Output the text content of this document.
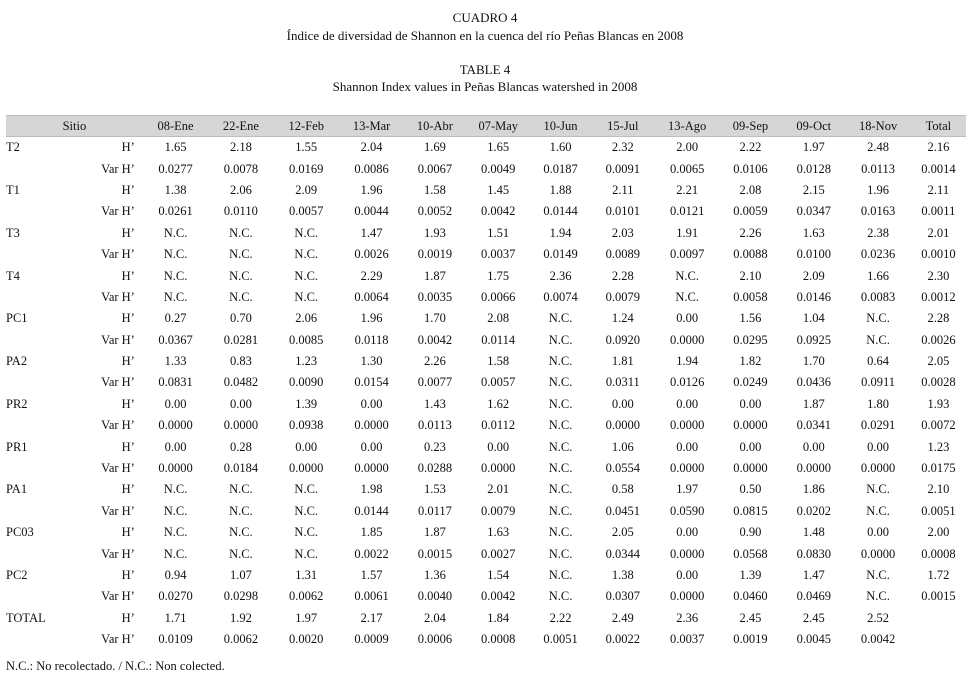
CUADRO 4
Índice de diversidad de Shannon en la cuenca del río Peñas Blancas en 2008
TABLE 4
Shannon Index values in Peñas Blancas watershed in 2008
Sitio		08-Ene	22-Ene	12-Feb	13-Mar	10-Abr	07-May	10-Jun	15-Jul	13-Ago	09-Sep	09-Oct	18-Nov	Total
T2	H’	1.65	2.18	1.55	2.04	1.69	1.65	1.60	2.32	2.00	2.22	1.97	2.48	2.16
	Var H’	0.0277	0.0078	0.0169	0.0086	0.0067	0.0049	0.0187	0.0091	0.0065	0.0106	0.0128	0.0113	0.0014
T1	H’	1.38	2.06	2.09	1.96	1.58	1.45	1.88	2.11	2.21	2.08	2.15	1.96	2.11
	Var H’	0.0261	0.0110	0.0057	0.0044	0.0052	0.0042	0.0144	0.0101	0.0121	0.0059	0.0347	0.0163	0.0011
T3	H’	N.C.	N.C.	N.C.	1.47	1.93	1.51	1.94	2.03	1.91	2.26	1.63	2.38	2.01
	Var H’	N.C.	N.C.	N.C.	0.0026	0.0019	0.0037	0.0149	0.0089	0.0097	0.0088	0.0100	0.0236	0.0010
T4	H’	N.C.	N.C.	N.C.	2.29	1.87	1.75	2.36	2.28	N.C.	2.10	2.09	1.66	2.30
	Var H’	N.C.	N.C.	N.C.	0.0064	0.0035	0.0066	0.0074	0.0079	N.C.	0.0058	0.0146	0.0083	0.0012
PC1	H’	0.27	0.70	2.06	1.96	1.70	2.08	N.C.	1.24	0.00	1.56	1.04	N.C.	2.28
	Var H’	0.0367	0.0281	0.0085	0.0118	0.0042	0.0114	N.C.	0.0920	0.0000	0.0295	0.0925	N.C.	0.0026
PA2	H’	1.33	0.83	1.23	1.30	2.26	1.58	N.C.	1.81	1.94	1.82	1.70	0.64	2.05
	Var H’	0.0831	0.0482	0.0090	0.0154	0.0077	0.0057	N.C.	0.0311	0.0126	0.0249	0.0436	0.0911	0.0028
PR2	H’	0.00	0.00	1.39	0.00	1.43	1.62	N.C.	0.00	0.00	0.00	1.87	1.80	1.93
	Var H’	0.0000	0.0000	0.0938	0.0000	0.0113	0.0112	N.C.	0.0000	0.0000	0.0000	0.0341	0.0291	0.0072
PR1	H’	0.00	0.28	0.00	0.00	0.23	0.00	N.C.	1.06	0.00	0.00	0.00	0.00	1.23
	Var H’	0.0000	0.0184	0.0000	0.0000	0.0288	0.0000	N.C.	0.0554	0.0000	0.0000	0.0000	0.0000	0.0175
PA1	H’	N.C.	N.C.	N.C.	1.98	1.53	2.01	N.C.	0.58	1.97	0.50	1.86	N.C.	2.10
	Var H’	N.C.	N.C.	N.C.	0.0144	0.0117	0.0079	N.C.	0.0451	0.0590	0.0815	0.0202	N.C.	0.0051
PC03	H’	N.C.	N.C.	N.C.	1.85	1.87	1.63	N.C.	2.05	0.00	0.90	1.48	0.00	2.00
	Var H’	N.C.	N.C.	N.C.	0.0022	0.0015	0.0027	N.C.	0.0344	0.0000	0.0568	0.0830	0.0000	0.0008
PC2	H’	0.94	1.07	1.31	1.57	1.36	1.54	N.C.	1.38	0.00	1.39	1.47	N.C.	1.72
	Var H’	0.0270	0.0298	0.0062	0.0061	0.0040	0.0042	N.C.	0.0307	0.0000	0.0460	0.0469	N.C.	0.0015
TOTAL	H’	1.71	1.92	1.97	2.17	2.04	1.84	2.22	2.49	2.36	2.45	2.45	2.52	
	Var H’	0.0109	0.0062	0.0020	0.0009	0.0006	0.0008	0.0051	0.0022	0.0037	0.0019	0.0045	0.0042	
N.C.: No recolectado. / N.C.: Non colected.
